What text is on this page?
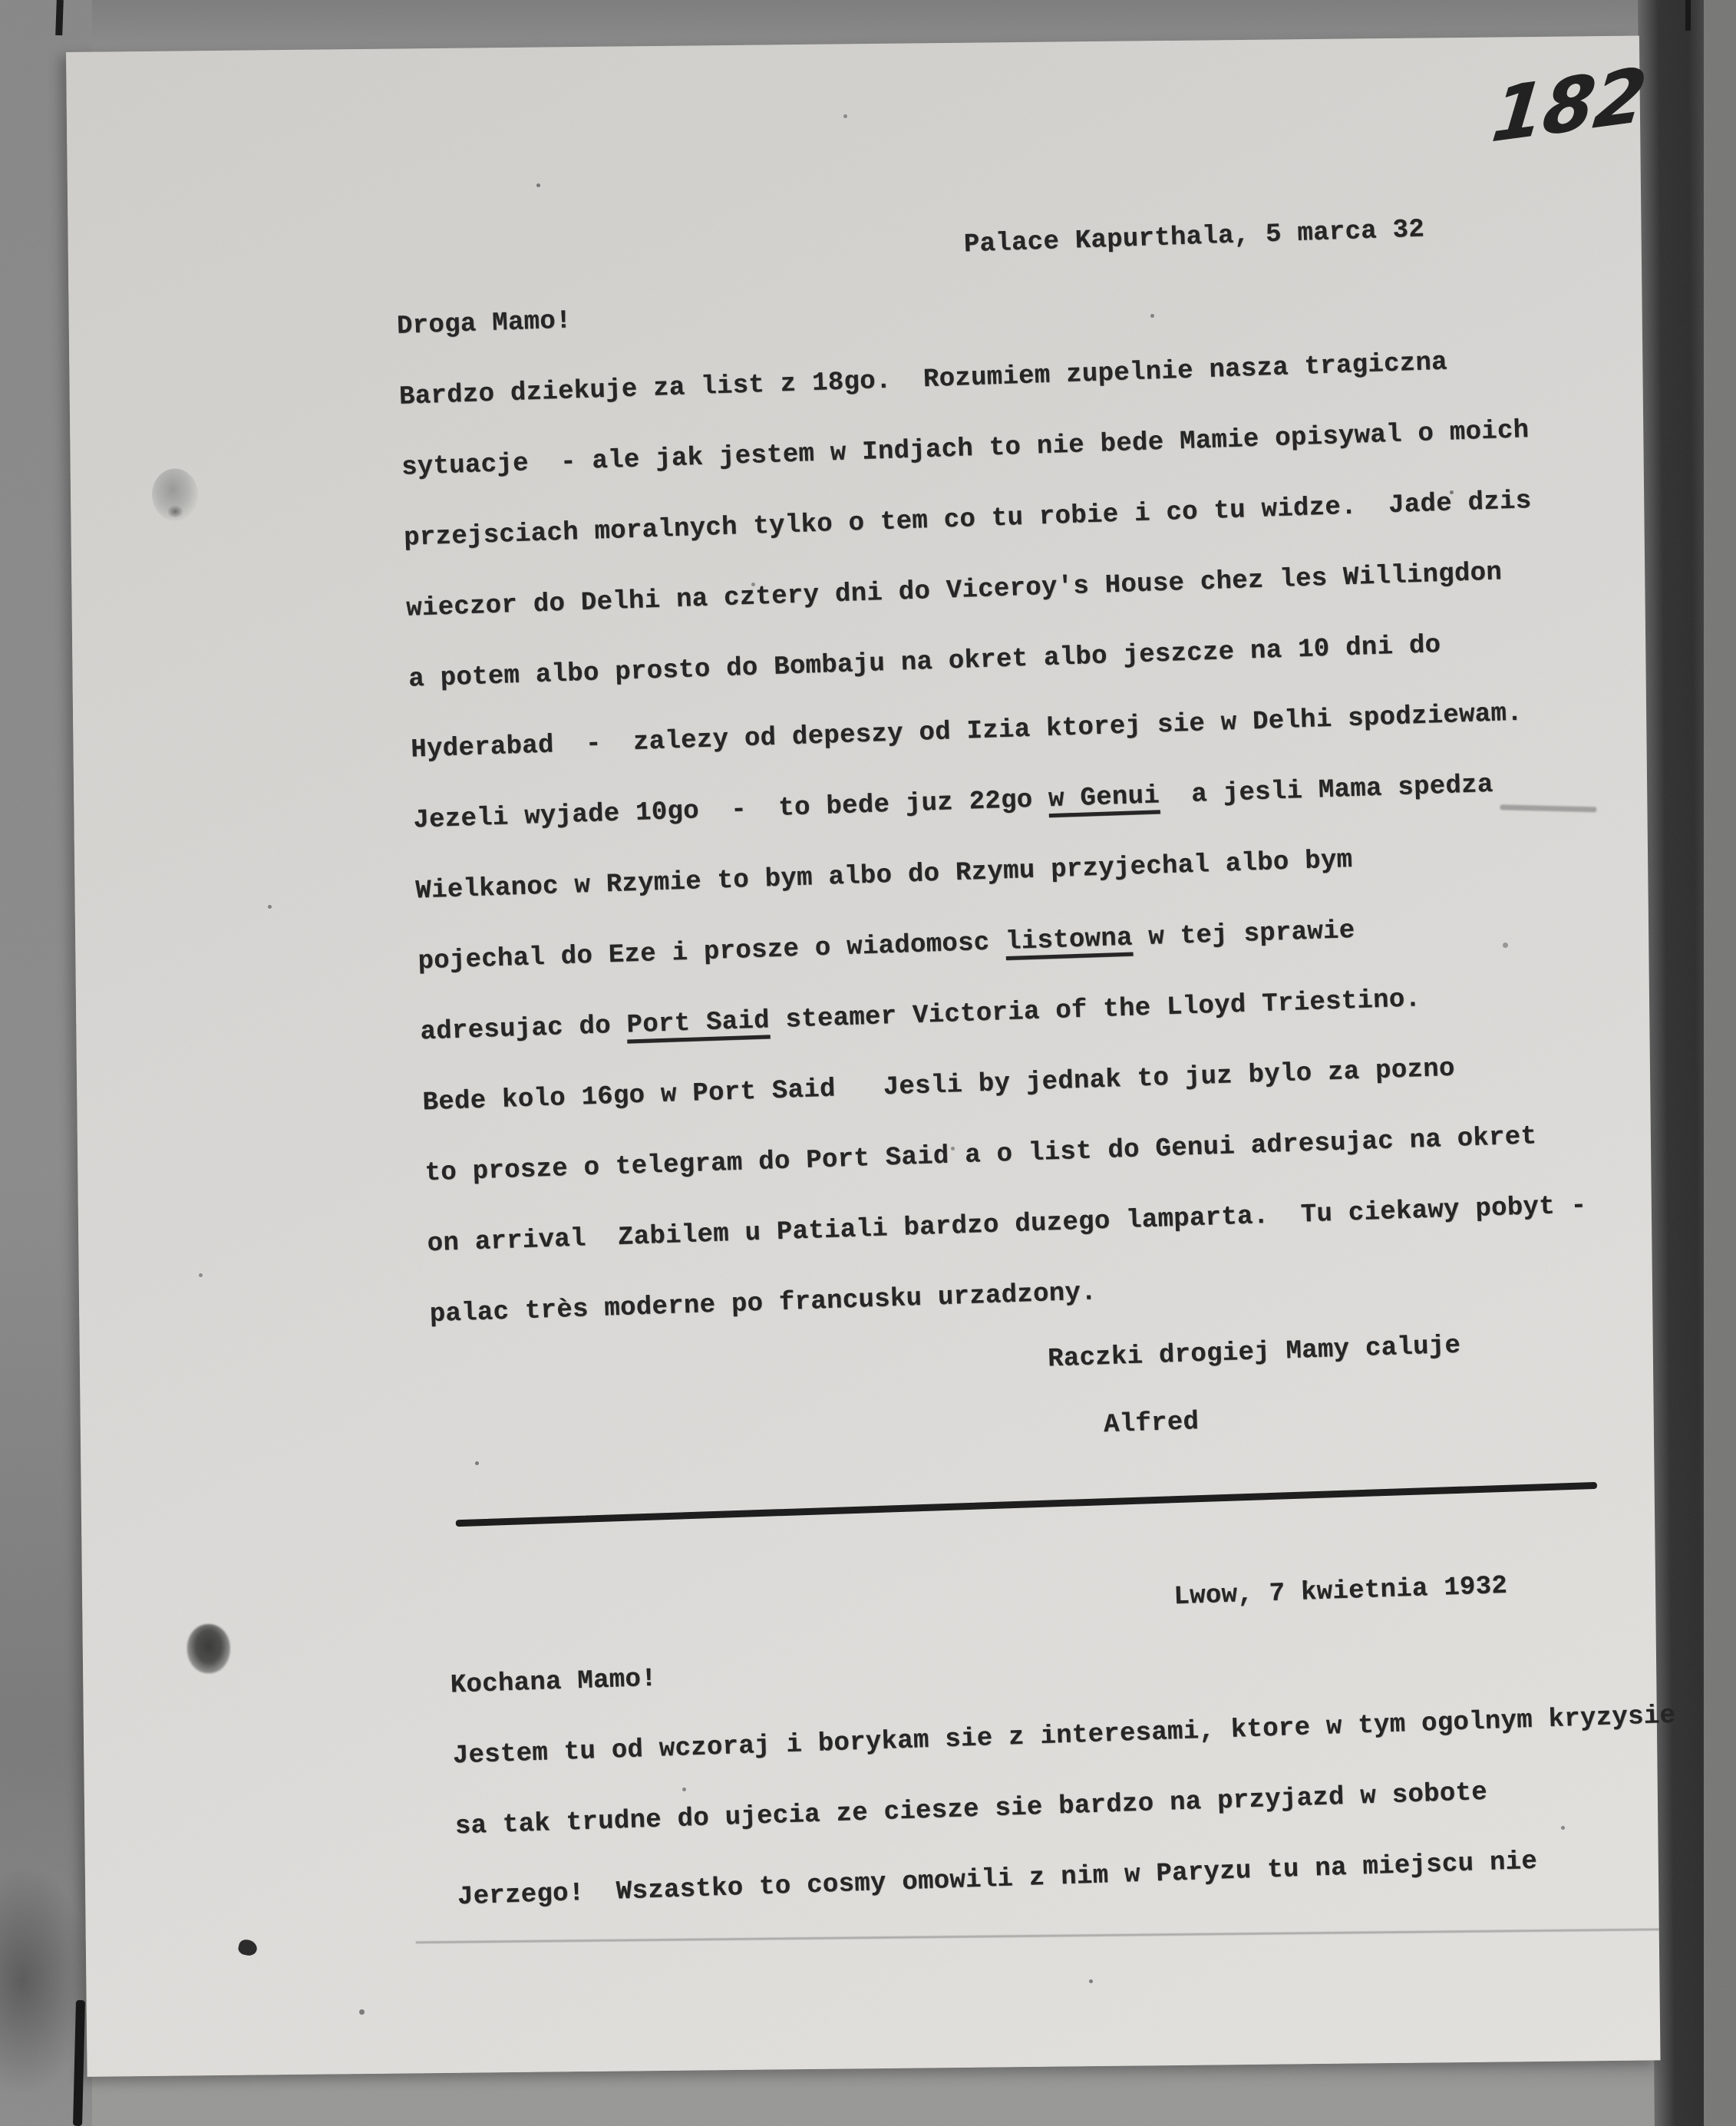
182
Palace Kapurthala, 5 marca 32
Droga Mamo!
Bardzo dziekuje za list z 18go.  Rozumiem zupelnie nasza tragiczna
sytuacje  - ale jak jestem w Indjach to nie bede Mamie opisywal o moich
przejsciach moralnych tylko o tem co tu robie i co tu widze.  Jade dzis
wieczor do Delhi na cztery dni do Viceroy's House chez les Willingdon
a potem albo prosto do Bombaju na okret albo jeszcze na 10 dni do
Hyderabad  -  zalezy od depeszy od Izia ktorej sie w Delhi spodziewam.
Jezeli wyjade 10go  -  to bede juz 22go w Genui  a jesli Mama spedza
Wielkanoc w Rzymie to bym albo do Rzymu przyjechal albo bym
pojechal do Eze i prosze o wiadomosc listowna w tej sprawie
adresujac do Port Said steamer Victoria of the Lloyd Triestino.
Bede kolo 16go w Port Said   Jesli by jednak to juz bylo za pozno
to prosze o telegram do Port Said a o list do Genui adresujac na okret
on arrival  Zabilem u Patiali bardzo duzego lamparta.  Tu ciekawy pobyt -
palac très moderne po francusku urzadzony.
Raczki drogiej Mamy caluje
Alfred
Lwow, 7 kwietnia 1932
Kochana Mamo!
Jestem tu od wczoraj i borykam sie z interesami, ktore w tym ogolnym kryzysie
sa tak trudne do ujecia ze ciesze sie bardzo na przyjazd w sobote
Jerzego!  Wszastko to cosmy omowili z nim w Paryzu tu na miejscu nie
